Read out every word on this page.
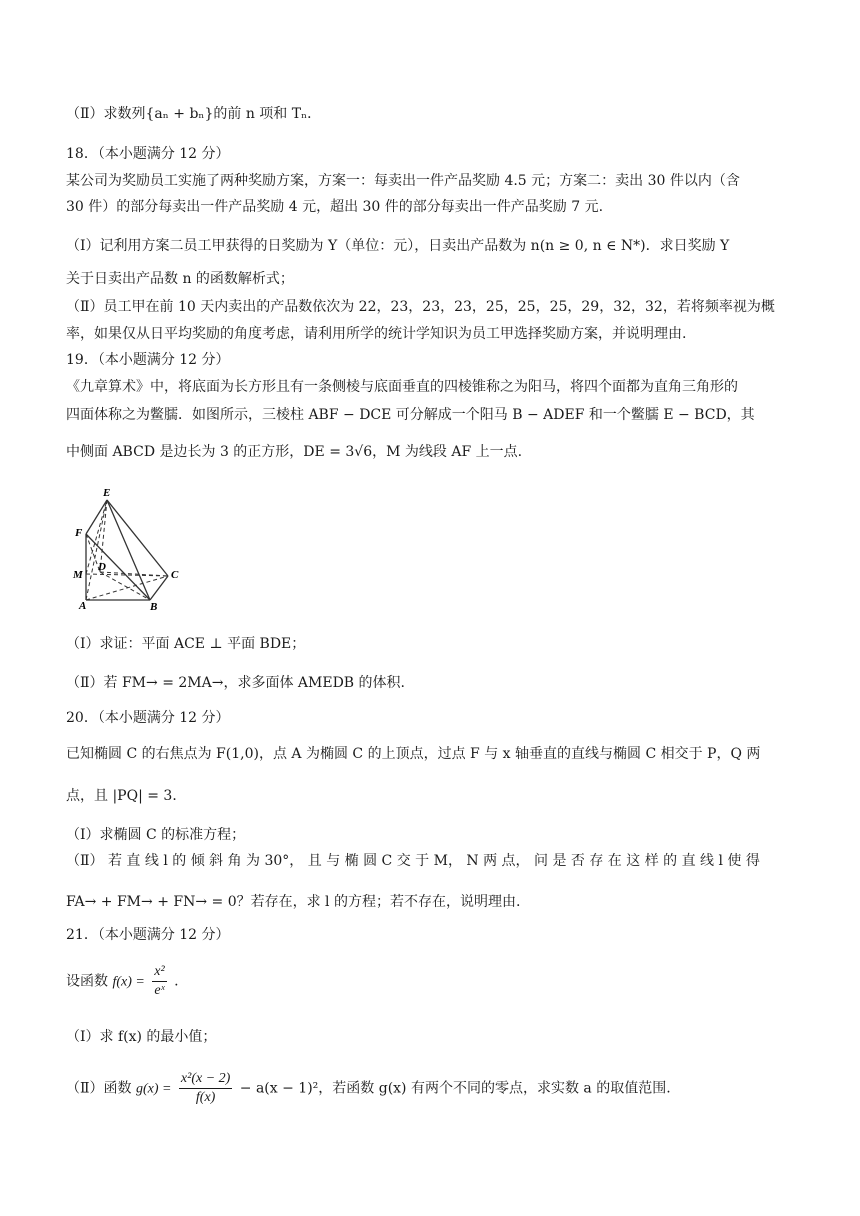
（Ⅱ）求数列{aₙ + bₙ}的前 n 项和 Tₙ．
18．（本小题满分 12 分）
某公司为奖励员工实施了两种奖励方案，方案一：每卖出一件产品奖励 4.5 元；方案二：卖出 30 件以内（含
30 件）的部分每卖出一件产品奖励 4 元，超出 30 件的部分每卖出一件产品奖励 7 元.
（Ⅰ）记利用方案二员工甲获得的日奖励为 Y（单位：元），日卖出产品数为 n(n ≥ 0, n ∈ N*)．求日奖励 Y
关于日卖出产品数 n 的函数解析式；
（Ⅱ）员工甲在前 10 天内卖出的产品数依次为 22，23，23，23，25，25，25，29，32，32，若将频率视为概
率，如果仅从日平均奖励的角度考虑，请利用所学的统计学知识为员工甲选择奖励方案，并说明理由.
19．（本小题满分 12 分）
《九章算术》中，将底面为长方形且有一条侧棱与底面垂直的四棱锥称之为阳马，将四个面都为直角三角形的
四面体称之为鳖臑．如图所示，三棱柱 ABF − DCE 可分解成一个阳马 B − ADEF 和一个鳖臑 E − BCD，其
中侧面 ABCD 是边长为 3 的正方形，DE = 3√6，M 为线段 AF 上一点.
E
F
M
D
C
A	B
（Ⅰ）求证：平面 ACE ⊥ 平面 BDE；
（Ⅱ）若 FM→ = 2MA→，求多面体 AMEDB 的体积.
20．（本小题满分 12 分）
已知椭圆 C 的右焦点为 F(1,0)，点 A 为椭圆 C 的上顶点，过点 F 与 x 轴垂直的直线与椭圆 C 相交于 P，Q 两
点，且 |PQ| = 3．
（Ⅰ）求椭圆 C 的标准方程；
（Ⅱ） 若 直 线 l 的 倾 斜 角 为 30°， 且 与 椭 圆 C 交 于 M， N 两 点， 问 是 否 存 在 这 样 的 直 线 l 使 得
FA→ + FM→ + FN→ = 0？若存在，求 l 的方程；若不存在，说明理由.
21．（本小题满分 12 分）
设函数 $f(x) = \frac{\text{x²}}{\text{eˣ}}$ .
（Ⅰ）求 f(x) 的最小值；
（Ⅱ）函数 $g(x) = \frac{\text{x²(x − 2)}}{f(x)} - a(x - 1)^2$，若函数 g(x) 有两个不同的零点，求实数 a 的取值范围.
